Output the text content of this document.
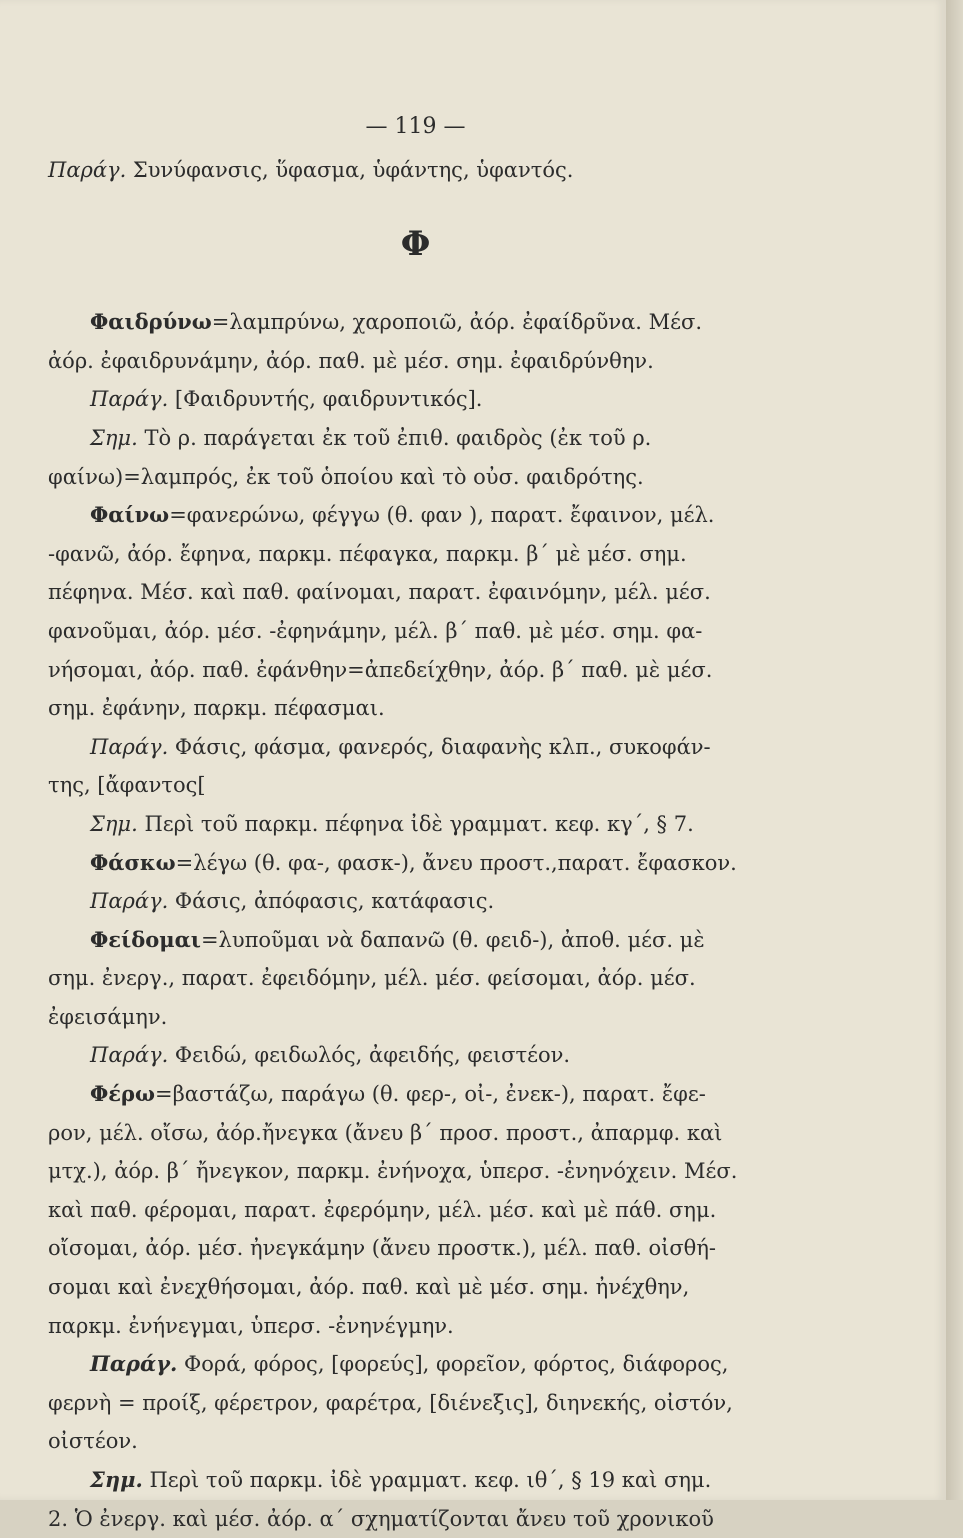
— 119 —
Παράγ. Συνύφανσις, ὕφασμα, ὑφάντης, ὑφαντός.
Φ
Φαιδρύνω=λαμπρύνω, χαροποιῶ, ἀόρ. ἐφαίδρῦνα. Μέσ.
ἀόρ. ἐφαιδρυνάμην, ἀόρ. παθ. μὲ μέσ. σημ. ἐφαιδρύνθην.
Παράγ. [Φαιδρυντής, φαιδρυντικός].
Σημ. Τὸ ρ. παράγεται ἐκ τοῦ ἐπιθ. φαιδρὸς (ἐκ τοῦ ρ.
φαίνω)=λαμπρός, ἐκ τοῦ ὁποίου καὶ τὸ οὐσ. φαιδρότης.
Φαίνω=φανερώνω, φέγγω (θ. φαν ), παρατ. ἔφαινον, μέλ.
-φανῶ, ἀόρ. ἔφηνα, παρκμ. πέφαγκα, παρκμ. β΄ μὲ μέσ. σημ.
πέφηνα. Μέσ. καὶ παθ. φαίνομαι, παρατ. ἐφαινόμην, μέλ. μέσ.
φανοῦμαι, ἀόρ. μέσ. -ἐφηνάμην, μέλ. β΄ παθ. μὲ μέσ. σημ. φα-
νήσομαι, ἀόρ. παθ. ἐφάνθην=ἀπεδείχθην, ἀόρ. β΄ παθ. μὲ μέσ.
σημ. ἐφάνην, παρκμ. πέφασμαι.
Παράγ. Φάσις, φάσμα, φανερός, διαφανὴς κλπ., συκοφάν-
της, [ἄφαντος[
Σημ. Περὶ τοῦ παρκμ. πέφηνα ἰδὲ γραμματ. κεφ. κγ΄, § 7.
Φάσκω=λέγω (θ. φα-, φασκ-), ἄνευ προστ.,παρατ. ἔφασκον.
Παράγ. Φάσις, ἀπόφασις, κατάφασις.
Φείδομαι=λυποῦμαι νὰ δαπανῶ (θ. φειδ-), ἀποθ. μέσ. μὲ
σημ. ἐνεργ., παρατ. ἐφειδόμην, μέλ. μέσ. φείσομαι, ἀόρ. μέσ.
ἐφεισάμην.
Παράγ. Φειδώ, φειδωλός, ἀφειδής, φειστέον.
Φέρω=βαστάζω, παράγω (θ. φερ-, οἰ-, ἐνεκ-), παρατ. ἔφε-
ρον, μέλ. οἴσω, ἀόρ.ἤνεγκα (ἄνευ β΄ προσ. προστ., ἀπαρμφ. καὶ
μτχ.), ἀόρ. β΄ ἤνεγκον, παρκμ. ἐνήνοχα, ὑπερσ. -ἐνηνόχειν. Μέσ.
καὶ παθ. φέρομαι, παρατ. ἐφερόμην, μέλ. μέσ. καὶ μὲ πάθ. σημ.
οἴσομαι, ἀόρ. μέσ. ἠνεγκάμην (ἄνευ προστκ.), μέλ. παθ. οἰσθή-
σομαι καὶ ἐνεχθήσομαι, ἀόρ. παθ. καὶ μὲ μέσ. σημ. ἠνέχθην,
παρκμ. ἐνήνεγμαι, ὑπερσ. -ἐνηνέγμην.
Παράγ. Φορά, φόρος, [φορεύς], φορεῖον, φόρτος, διάφορος,
φερνὴ = προίξ, φέρετρον, φαρέτρα, [διένεξις], διηνεκής, οἰστόν,
οἰστέον.
Σημ. Περὶ τοῦ παρκμ. ἰδὲ γραμματ. κεφ. ιθ΄, § 19 καὶ σημ.
2. Ὁ ἐνεργ. καὶ μέσ. ἀόρ. α΄ σχηματίζονται ἄνευ τοῦ χρονικοῦ
